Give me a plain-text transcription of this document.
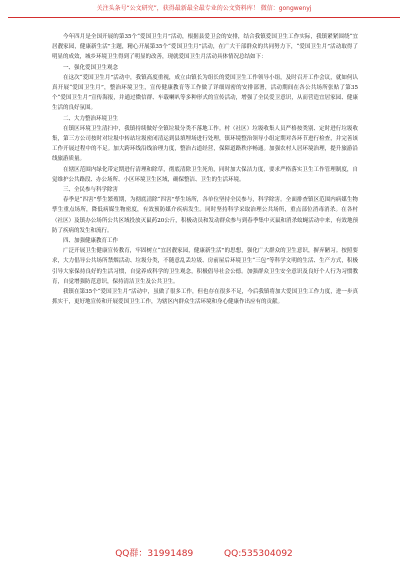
关注头条号“公文研究”，获得最新最全最专业的公文资料库！ 微信：gongwenyj

今年四月是全国开展的第35个“爱国卫生月”活动，根据县爱卫会的安排，结合我镇爱国卫生工作实际，我镇紧紧围绕“宜居靓家园，健康新生活”主题，精心开展第35个“爱国卫生月”活动，在广大干部群众的共同努力下，“爱国卫生月”活动取得了明显的成效，城乡环境卫生得到了明显的改善，现就爱国卫生月活动具体情况总结如下：

一、强化爱国卫生观念

在这次“爱国卫生月”活动中，我镇高度重视，成立由镇长为组长的爱国卫生工作领导小组，及时召开工作会议，就如何认真开展“爱国卫生月”，整治环境卫生，宣传健康教育等工作做了详细周密的安排部署，活动期间在各公共场所张贴了第35个“爱国卫生月”宣传海报，并通过微信群、车载喇叭等多种形式的宣传活动，增强了全民爱卫意识，从而营造宜居家园、健康生活的良好氛围。

二、大力整治环境卫生

在镇区环境卫生清扫中，我镇持续做好全镇垃圾分类不落地工作。村（社区）垃圾收集人员严格按类别、定时进行垃圾收集，第三方公司按时对垃圾中转站垃圾密闭清运到县填埋场进行处理，镇环境整治领导小组定期对各环节进行检查，并完善该工作开展过程中的不足。加大跨环线沿线治理力度，整治占道经营，保障道路秩序畅通。加强农村人居环境治理，提升旅游沿线旅游质量。

在辖区范围内绿化带定期进行清理和除草，彻底清除卫生死角，同时加大保洁力度，要求严格落实卫生工作管理制度，自觉维护公共路段、办公场所、小区环境卫生区域，确保整洁、卫生的生活环境。

三、全民参与科学除害

春季是“四害”孳生繁殖期，为彻底清除“四害”孳生场所，各单位坚持全民参与，科学除害。全面排查镇区范围内病媒生物孳生重点场所，降低病媒生物密度，有效预防媒介疾病发生。同时坚持科学采取治理公共场所，重点部位消毒消杀。在各村（社区）及镇办公场所公共区域投放灭鼠药20公斤，积极动员和发动群众参与到春季集中灭鼠和消杀蚊蝇活动中来，有效地预防了疾病的发生和流行。

四、加强健康教育工作

广泛开展卫生健康宣传教育，牢固树立“宜居靓家园，健康新生活”的思想，强化广大群众的卫生意识，摒弃陋习。按照要求，大力倡导公共场所禁烟活动、垃圾分类，不随意乱丢垃圾、房前屋后环境卫生“三包”等科学文明的生活、生产方式，积极引导大家保持良好的生活习惯，自觉养成科学的卫生观念，积极倡导社会公德。加强群众卫生安全意识及良好个人行为习惯教育，自觉增强防范意识，保持清洁卫生及公共卫生。

我镇在第35个“爱国卫生月”活动中，虽做了很多工作，但也存在很多不足，今后我镇将加大爱国卫生工作力度，进一步真抓实干，更好地宣传和开展爱国卫生工作，为辖区内群众生活环境和身心健康作出应有的贡献。

QQ群：31991489	QQ:535304092
